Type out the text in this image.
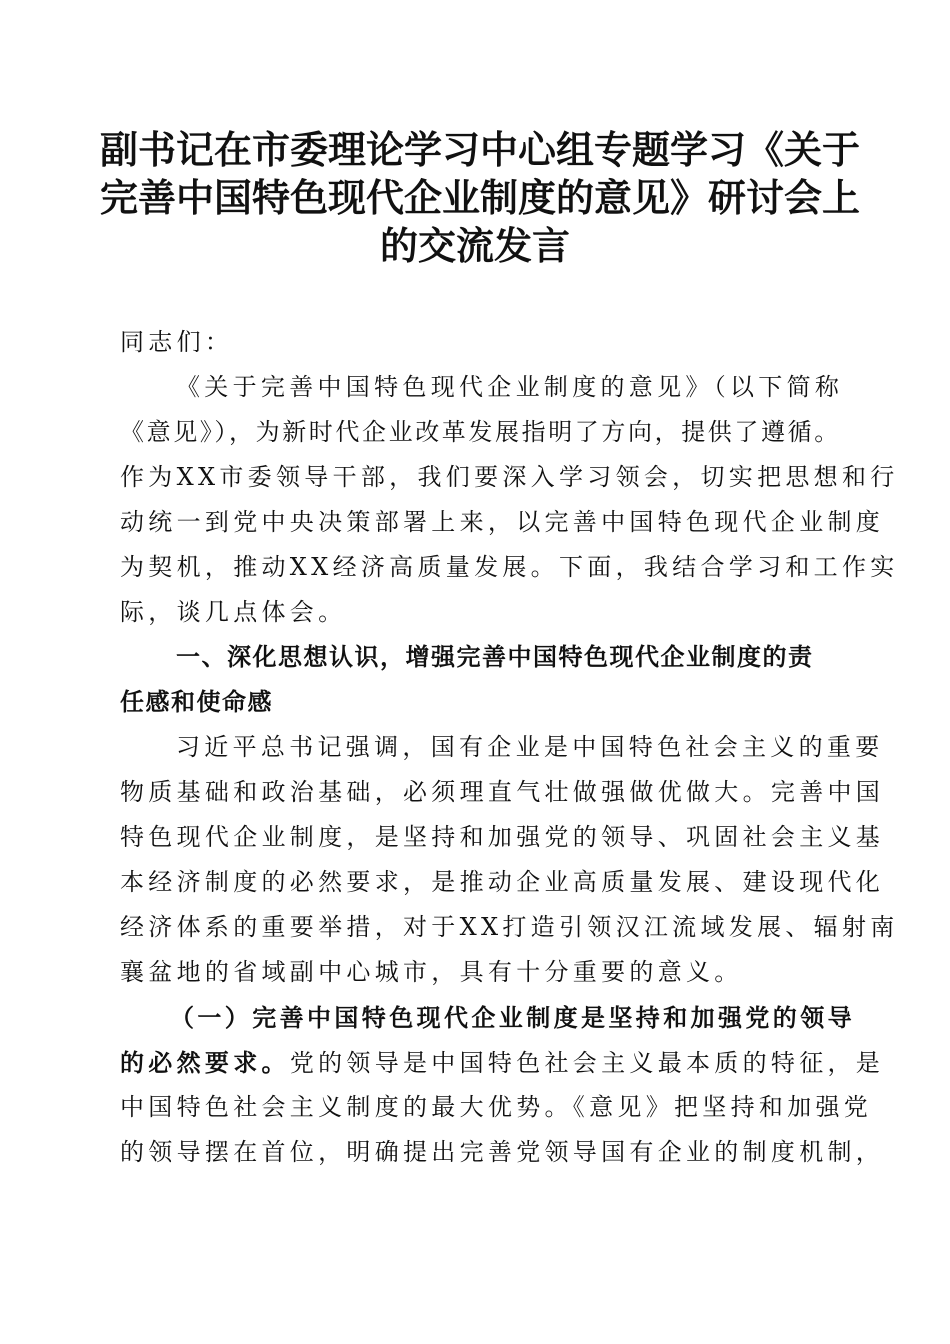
副书记在市委理论学习中心组专题学习《关于
完善中国特色现代企业制度的意见》研讨会上
的交流发言
同志们：
《关于完善中国特色现代企业制度的意见》（以下简称
《意见》），为新时代企业改革发展指明了方向，提供了遵循。
作为XX市委领导干部，我们要深入学习领会，切实把思想和行
动统一到党中央决策部署上来，以完善中国特色现代企业制度
为契机，推动XX经济高质量发展。下面，我结合学习和工作实
际，谈几点体会。
一、深化思想认识，增强完善中国特色现代企业制度的责
任感和使命感
习近平总书记强调，国有企业是中国特色社会主义的重要
物质基础和政治基础，必须理直气壮做强做优做大。完善中国
特色现代企业制度，是坚持和加强党的领导、巩固社会主义基
本经济制度的必然要求，是推动企业高质量发展、建设现代化
经济体系的重要举措，对于XX打造引领汉江流域发展、辐射南
襄盆地的省域副中心城市，具有十分重要的意义。
（一）完善中国特色现代企业制度是坚持和加强党的领导
的必然要求。党的领导是中国特色社会主义最本质的特征，是
中国特色社会主义制度的最大优势。《意见》把坚持和加强党
的领导摆在首位，明确提出完善党领导国有企业的制度机制，
